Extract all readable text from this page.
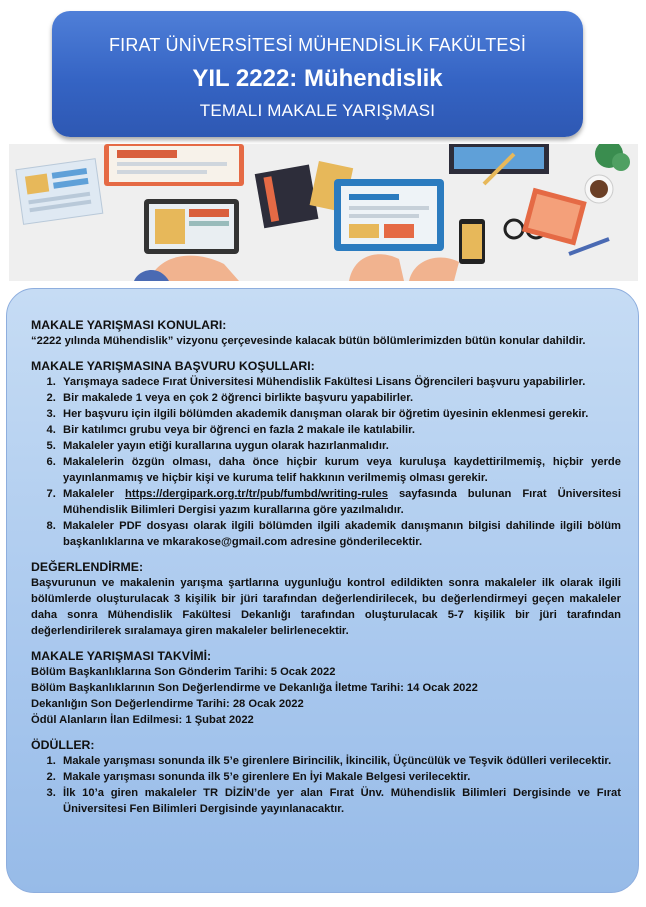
FIRAT ÜNİVERSİTESİ MÜHENDİSLİK FAKÜLTESİ
YIL 2222: Mühendislik
TEMALI MAKALE YARIŞMASI

MAKALE YARIŞMASI KONULARI:

“2222 yılında Mühendislik” vizyonu çerçevesinde kalacak bütün bölümlerimizden bütün konular dahildir.

MAKALE YARIŞMASINA BAŞVURU KOŞULLARI:

1. Yarışmaya sadece Fırat Üniversitesi Mühendislik Fakültesi Lisans Öğrencileri başvuru yapabilirler.
2. Bir makalede 1 veya en çok 2 öğrenci birlikte başvuru yapabilirler.
3. Her başvuru için ilgili bölümden akademik danışman olarak bir öğretim üyesinin eklenmesi gerekir.
4. Bir katılımcı grubu veya bir öğrenci en fazla 2 makale ile katılabilir.
5. Makaleler yayın etiği kurallarına uygun olarak hazırlanmalıdır.
6. Makalelerin özgün olması, daha önce hiçbir kurum veya kuruluşa kaydettirilmemiş, hiçbir yerde yayınlanmamış ve hiçbir kişi ve kuruma telif hakkının verilmemiş olması gerekir.
7. Makaleler https://dergipark.org.tr/tr/pub/fumbd/writing-rules sayfasında bulunan Fırat Üniversitesi Mühendislik Bilimleri Dergisi yazım kurallarına göre yazılmalıdır.
8. Makaleler PDF dosyası olarak ilgili bölümden ilgili akademik danışmanın bilgisi dahilinde ilgili bölüm başkanlıklarına ve mkarakose@gmail.com adresine gönderilecektir.

DEĞERLENDİRME:

Başvurunun ve makalenin yarışma şartlarına uygunluğu kontrol edildikten sonra makaleler ilk olarak ilgili bölümlerde oluşturulacak 3 kişilik bir jüri tarafından değerlendirilecek, bu değerlendirmeyi geçen makaleler daha sonra Mühendislik Fakültesi Dekanlığı tarafından oluşturulacak 5-7 kişilik bir jüri tarafından değerlendirilerek sıralamaya giren makaleler belirlenecektir.

MAKALE YARIŞMASI TAKVİMİ:

Bölüm Başkanlıklarına Son Gönderim Tarihi: 5 Ocak 2022

Bölüm Başkanlıklarının Son Değerlendirme ve Dekanlığa İletme Tarihi: 14 Ocak 2022

Dekanlığın Son Değerlendirme Tarihi: 28 Ocak 2022

Ödül Alanların İlan Edilmesi: 1 Şubat 2022

ÖDÜLLER:

1. Makale yarışması sonunda ilk 5’e girenlere Birincilik, İkincilik, Üçüncülük ve Teşvik ödülleri verilecektir.
2. Makale yarışması sonunda ilk 5’e girenlere En İyi Makale Belgesi verilecektir.
3. İlk 10’a giren makaleler TR DİZİN’de yer alan Fırat Ünv. Mühendislik Bilimleri Dergisinde ve Fırat Üniversitesi Fen Bilimleri Dergisinde yayınlanacaktır.
